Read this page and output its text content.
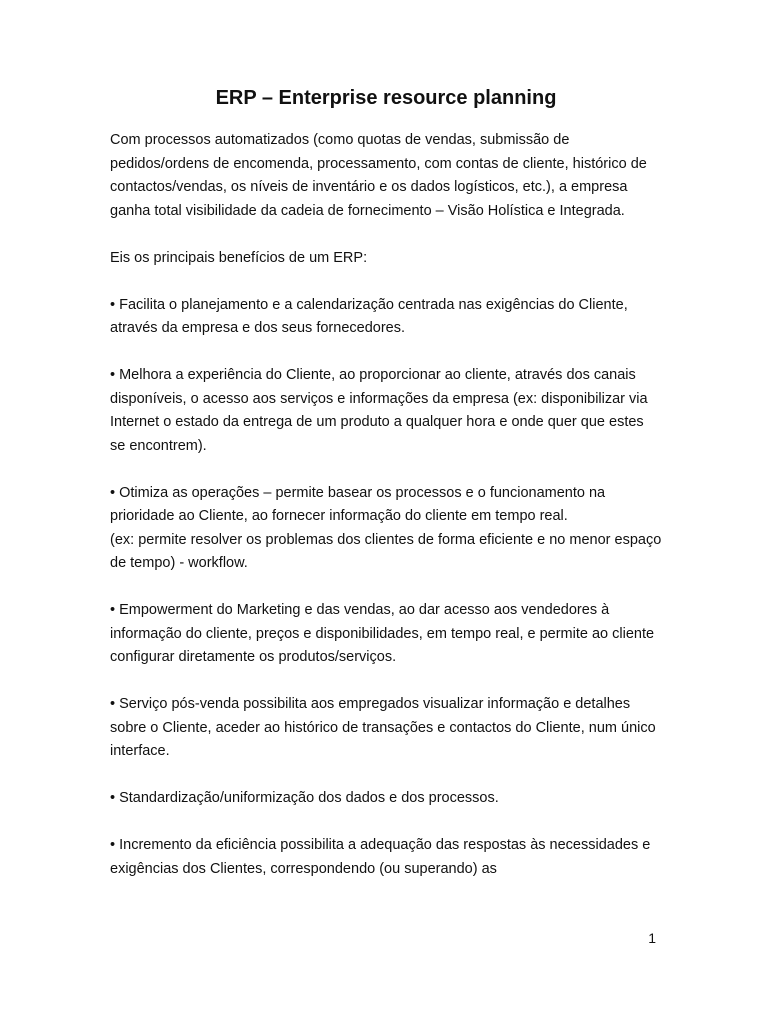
ERP – Enterprise resource planning

Com processos automatizados (como quotas de vendas, submissão de pedidos/ordens de encomenda, processamento, com contas de cliente, histórico de contactos/vendas, os níveis de inventário e os dados logísticos, etc.), a empresa ganha total visibilidade da cadeia de fornecimento – Visão Holística e Integrada.

Eis os principais benefícios de um ERP:

• Facilita o planejamento e a calendarização centrada nas exigências do Cliente, através da empresa e dos seus fornecedores.

• Melhora a experiência do Cliente, ao proporcionar ao cliente, através dos canais disponíveis, o acesso aos serviços e informações da empresa (ex: disponibilizar via Internet o estado da entrega de um produto a qualquer hora e onde quer que estes se encontrem).

• Otimiza as operações – permite basear os processos e o funcionamento na prioridade ao Cliente, ao fornecer informação do cliente em tempo real.

(ex: permite resolver os problemas dos clientes de forma eficiente e no menor espaço de tempo) - workflow.

• Empowerment do Marketing e das vendas, ao dar acesso aos vendedores à informação do cliente, preços e disponibilidades, em tempo real, e permite ao cliente configurar diretamente os produtos/serviços.

• Serviço pós-venda possibilita aos empregados visualizar informação e detalhes sobre o Cliente, aceder ao histórico de transações e contactos do Cliente, num único interface.

• Standardização/uniformização dos dados e dos processos.

• Incremento da eficiência possibilita a adequação das respostas às necessidades e exigências dos Clientes, correspondendo (ou superando) as

1
